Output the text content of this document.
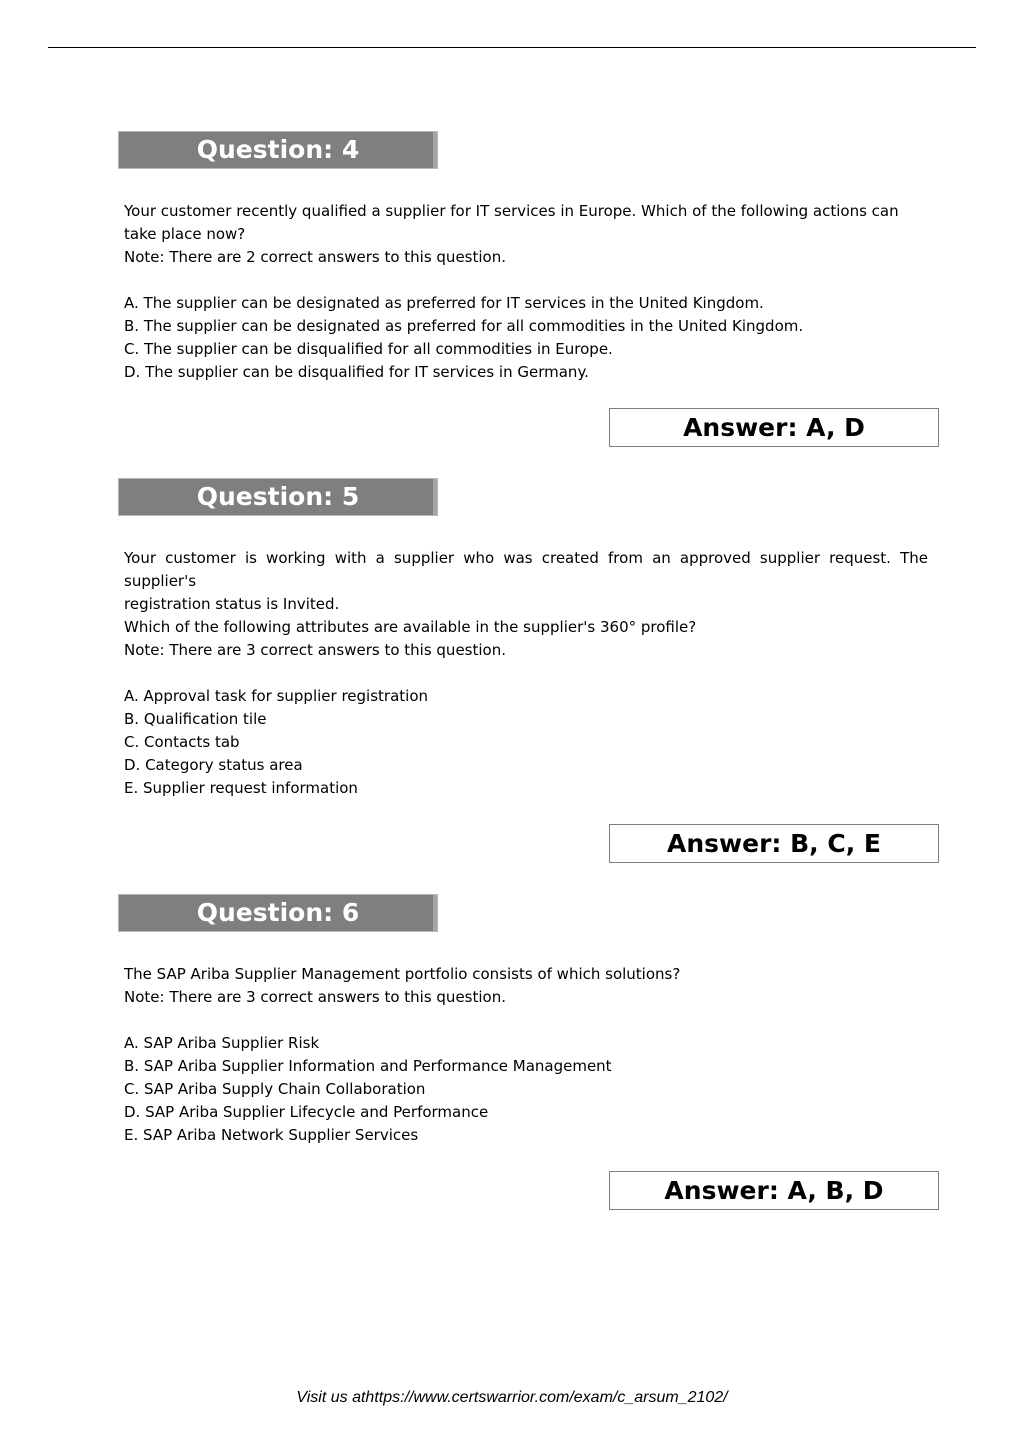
Question: 4
Your customer recently qualified a supplier for IT services in Europe. Which of the following actions can
take place now?
Note: There are 2 correct answers to this question.
A. The supplier can be designated as preferred for IT services in the United Kingdom.
B. The supplier can be designated as preferred for all commodities in the United Kingdom.
C. The supplier can be disqualified for all commodities in Europe.
D. The supplier can be disqualified for IT services in Germany.
Answer: A, D
Question: 5
Your customer is working with a supplier who was created from an approved supplier request. The
supplier's
registration status is Invited.
Which of the following attributes are available in the supplier's 360° profile?
Note: There are 3 correct answers to this question.
A. Approval task for supplier registration
B. Qualification tile
C. Contacts tab
D. Category status area
E. Supplier request information
Answer: B, C, E
Question: 6
The SAP Ariba Supplier Management portfolio consists of which solutions?
Note: There are 3 correct answers to this question.
A. SAP Ariba Supplier Risk
B. SAP Ariba Supplier Information and Performance Management
C. SAP Ariba Supply Chain Collaboration
D. SAP Ariba Supplier Lifecycle and Performance
E. SAP Ariba Network Supplier Services
Answer: A, B, D
Visit us athttps://www.certswarrior.com/exam/c_arsum_2102/
